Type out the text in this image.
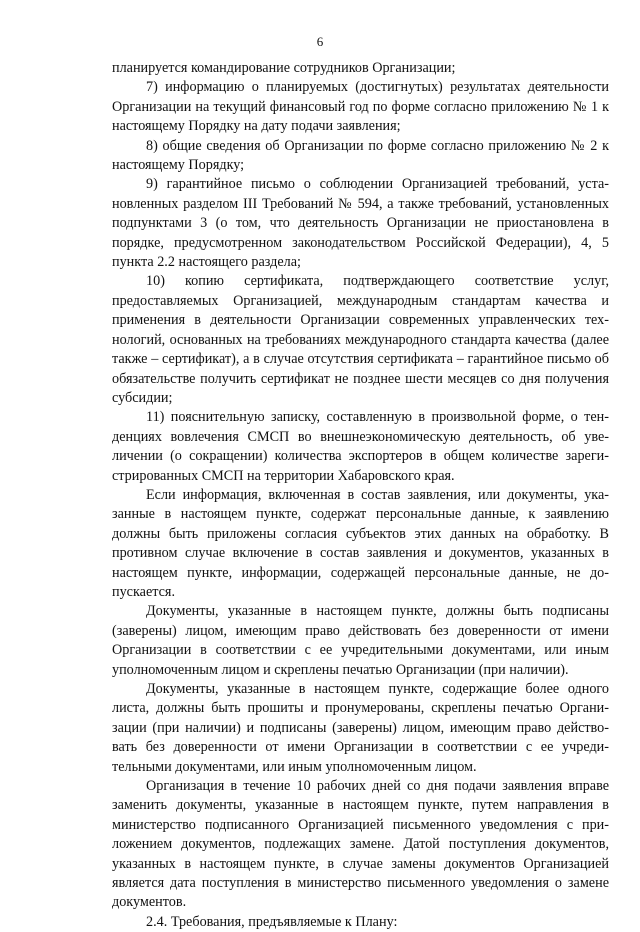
6

планируется командирование сотрудников Организации;

7) информацию о планируемых (достигнутых) результатах деятельности Организации на текущий финансовый год по форме согласно приложению № 1 к настоящему Порядку на дату подачи заявления;

8) общие сведения об Организации по форме согласно приложению № 2 к настоящему Порядку;

9) гарантийное письмо о соблюдении Организацией требований, установленных разделом III Требований № 594, а также требований, установленных подпунктами 3 (о том, что деятельность Организации не приостановлена в порядке, предусмотренном законодательством Российской Федерации), 4, 5 пункта 2.2 настоящего раздела;

10) копию сертификата, подтверждающего соответствие услуг, предоставляемых Организацией, международным стандартам качества и применения в деятельности Организации современных управленческих технологий, основанных на требованиях международного стандарта качества (далее также – сертификат), а в случае отсутствия сертификата – гарантийное письмо об обязательстве получить сертификат не позднее шести месяцев со дня получения субсидии;

11) пояснительную записку, составленную в произвольной форме, о тенденциях вовлечения СМСП во внешнеэкономическую деятельность, об увеличении (о сокращении) количества экспортеров в общем количестве зарегистрированных СМСП на территории Хабаровского края.

Если информация, включенная в состав заявления, или документы, указанные в настоящем пункте, содержат персональные данные, к заявлению должны быть приложены согласия субъектов этих данных на обработку. В противном случае включение в состав заявления и документов, указанных в настоящем пункте, информации, содержащей персональные данные, не допускается.

Документы, указанные в настоящем пункте, должны быть подписаны (заверены) лицом, имеющим право действовать без доверенности от имени Организации в соответствии с ее учредительными документами, или иным уполномоченным лицом и скреплены печатью Организации (при наличии).

Документы, указанные в настоящем пункте, содержащие более одного листа, должны быть прошиты и пронумерованы, скреплены печатью Организации (при наличии) и подписаны (заверены) лицом, имеющим право действовать без доверенности от имени Организации в соответствии с ее учредительными документами, или иным уполномоченным лицом.

Организация в течение 10 рабочих дней со дня подачи заявления вправе заменить документы, указанные в настоящем пункте, путем направления в министерство подписанного Организацией письменного уведомления с приложением документов, подлежащих замене. Датой поступления документов, указанных в настоящем пункте, в случае замены документов Организацией является дата поступления в министерство письменного уведомления о замене документов.

2.4. Требования, предъявляемые к Плану:
